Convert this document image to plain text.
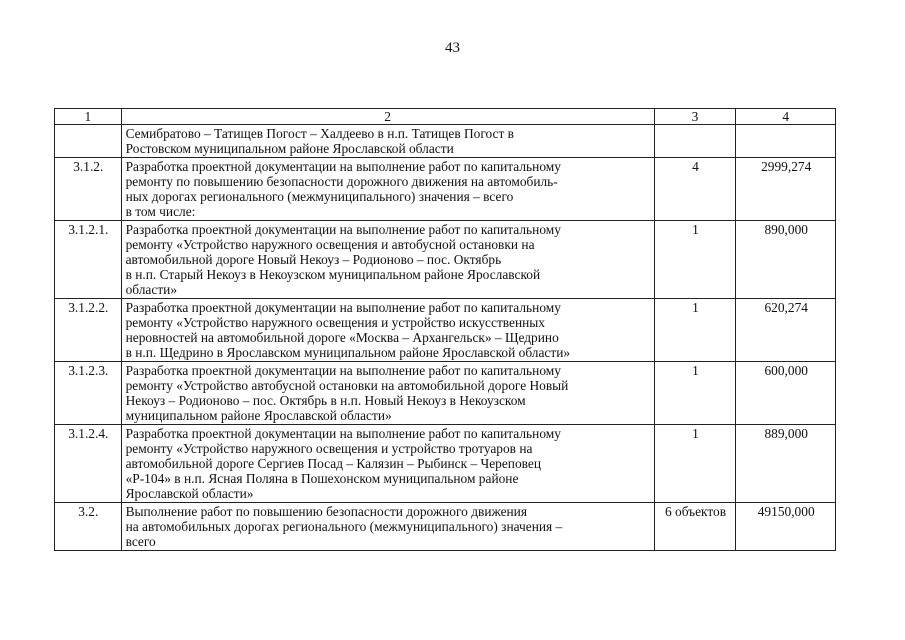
43
1	2	3	4

	Семибратово – Татищев Погост – Халдеево в н.п. Татищев Погост в
Ростовском муниципальном районе Ярославской области		

3.1.2.	Разработка проектной документации на выполнение работ по капитальному
ремонту по повышению безопасности дорожного движения на автомобиль-
ных дорогах регионального (межмуниципального) значения – всего
в том числе:	4	2999,274
3.1.2.1.	Разработка проектной документации на выполнение работ по капитальному
ремонту «Устройство наружного освещения и автобусной остановки на
автомобильной дороге Новый Некоуз – Родионово – пос. Октябрь
в н.п. Старый Некоуз в Некоузском муниципальном районе Ярославской
области»	1	890,000
3.1.2.2.	Разработка проектной документации на выполнение работ по капитальному
ремонту «Устройство наружного освещения и устройство искусственных
неровностей на автомобильной дороге «Москва – Архангельск» – Щедрино
в н.п. Щедрино в Ярославском муниципальном районе Ярославской области»	1	620,274
3.1.2.3.	Разработка проектной документации на выполнение работ по капитальному
ремонту «Устройство автобусной остановки на автомобильной дороге Новый
Некоуз – Родионово – пос. Октябрь в н.п. Новый Некоуз в Некоузском
муниципальном районе Ярославской области»	1	600,000
3.1.2.4.	Разработка проектной документации на выполнение работ по капитальному
ремонту «Устройство наружного освещения и устройство тротуаров на
автомобильной дороге Сергиев Посад – Калязин – Рыбинск – Череповец
«Р-104» в н.п. Ясная Поляна в Пошехонском муниципальном районе
Ярославской области»	1	889,000
3.2.	Выполнение работ по повышению безопасности дорожного движения
на автомобильных дорогах регионального (межмуниципального) значения –
всего	6 объектов	49150,000
